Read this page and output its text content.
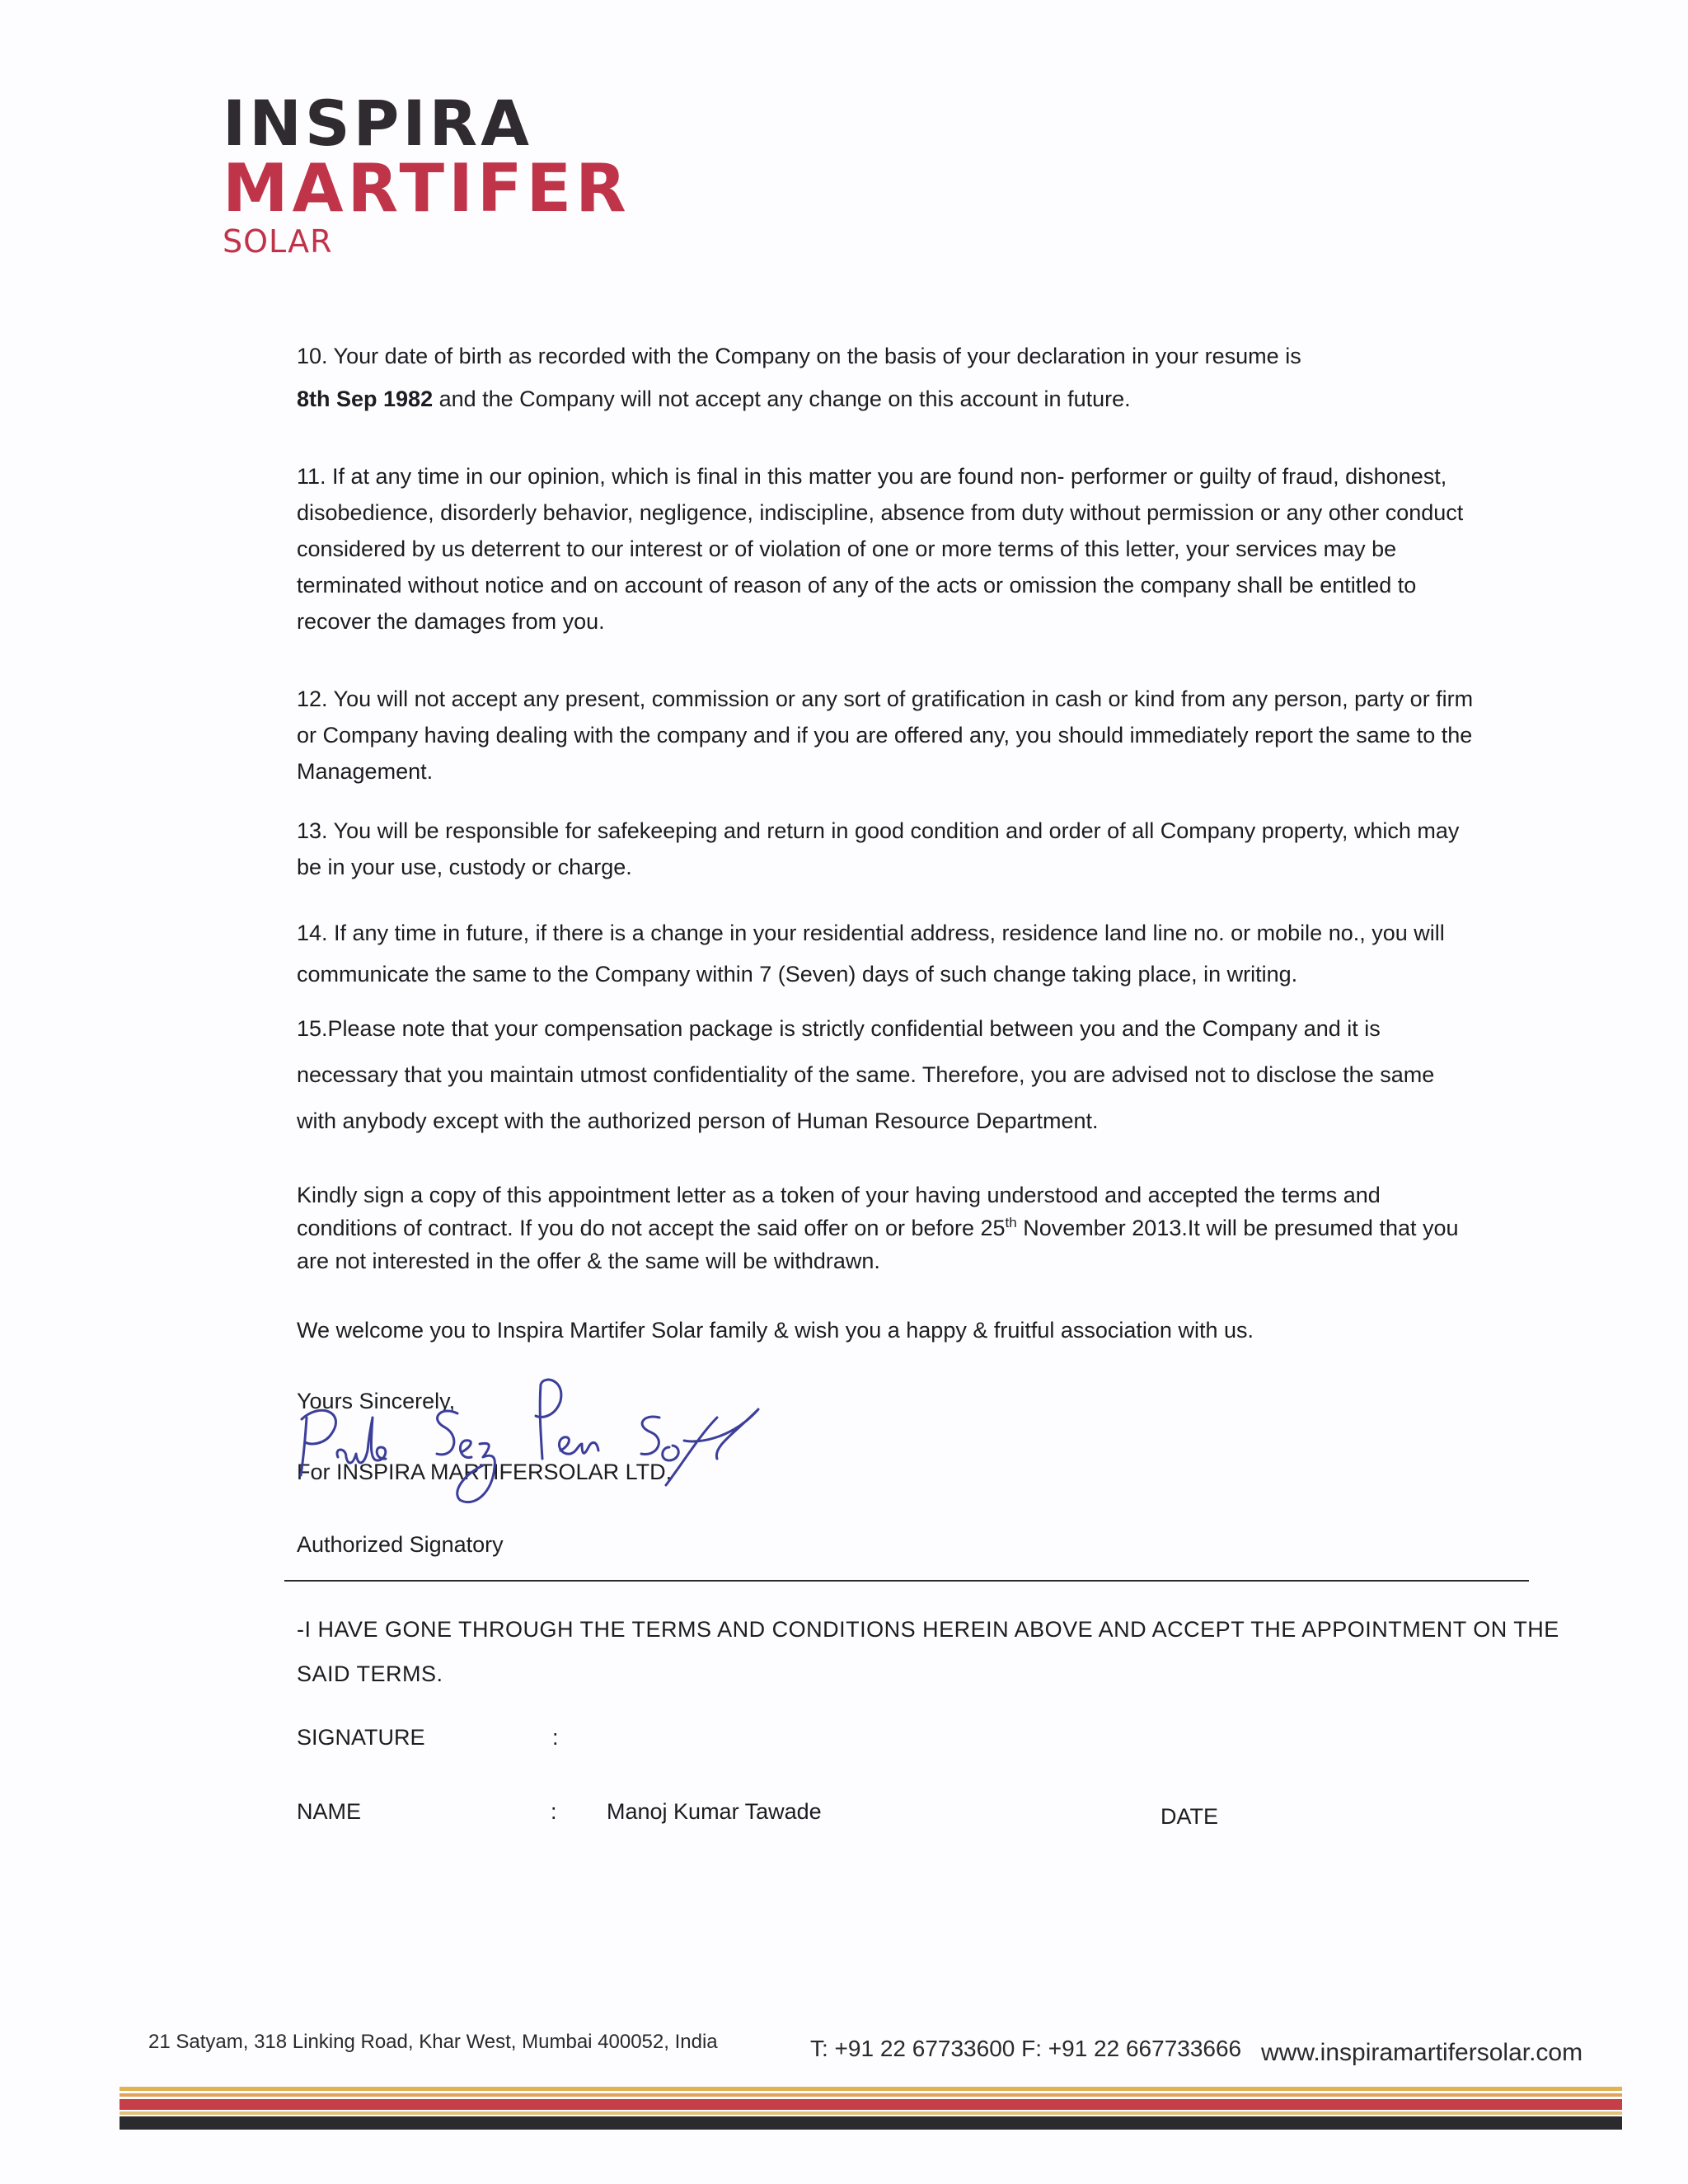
INSPIRA
MARTIFER
SOLAR
10. Your date of birth as recorded with the Company on the basis of your declaration in your resume is
8th Sep 1982 and the Company will not accept any change on this account in future.
11. If at any time in our opinion, which is final in this matter you are found non- performer or guilty of fraud, dishonest,
disobedience, disorderly behavior, negligence, indiscipline, absence from duty without permission or any other conduct
considered by us deterrent to our interest or of violation of one or more terms of this letter, your services may be
terminated without notice and on account of reason of any of the acts or omission the company shall be entitled to
recover the damages from you.
12. You will not accept any present, commission or any sort of gratification in cash or kind from any person, party or firm
or Company having dealing with the company and if you are offered any, you should immediately report the same to the
Management.
13. You will be responsible for safekeeping and return in good condition and order of all Company property, which may
be in your use, custody or charge.
14. If any time in future, if there is a change in your residential address, residence land line no. or mobile no., you will
communicate the same to the Company within 7 (Seven) days of such change taking place, in writing.
15.Please note that your compensation package is strictly confidential between you and the Company and it is
necessary that you maintain utmost confidentiality of the same. Therefore, you are advised not to disclose the same
with anybody except with the authorized person of Human Resource Department.
Kindly sign a copy of this appointment letter as a token of your having understood and accepted the terms and
conditions of contract. If you do not accept the said offer on or before 25th November 2013.It will be presumed that you
are not interested in the offer & the same will be withdrawn.
We welcome you to Inspira Martifer Solar family & wish you a happy & fruitful association with us.
Yours Sincerely,
For INSPIRA MARTIFERSOLAR LTD.
Authorized Signatory
-I HAVE GONE THROUGH THE TERMS AND CONDITIONS HEREIN ABOVE AND ACCEPT THE APPOINTMENT ON THE
SAID TERMS.
SIGNATURE	:
NAME	: Manoj Kumar Tawade	DATE
21 Satyam, 318 Linking Road, Khar West, Mumbai 400052, India	T: +91 22 67733600 F: +91 22 667733666 www.inspiramartifersolar.com
